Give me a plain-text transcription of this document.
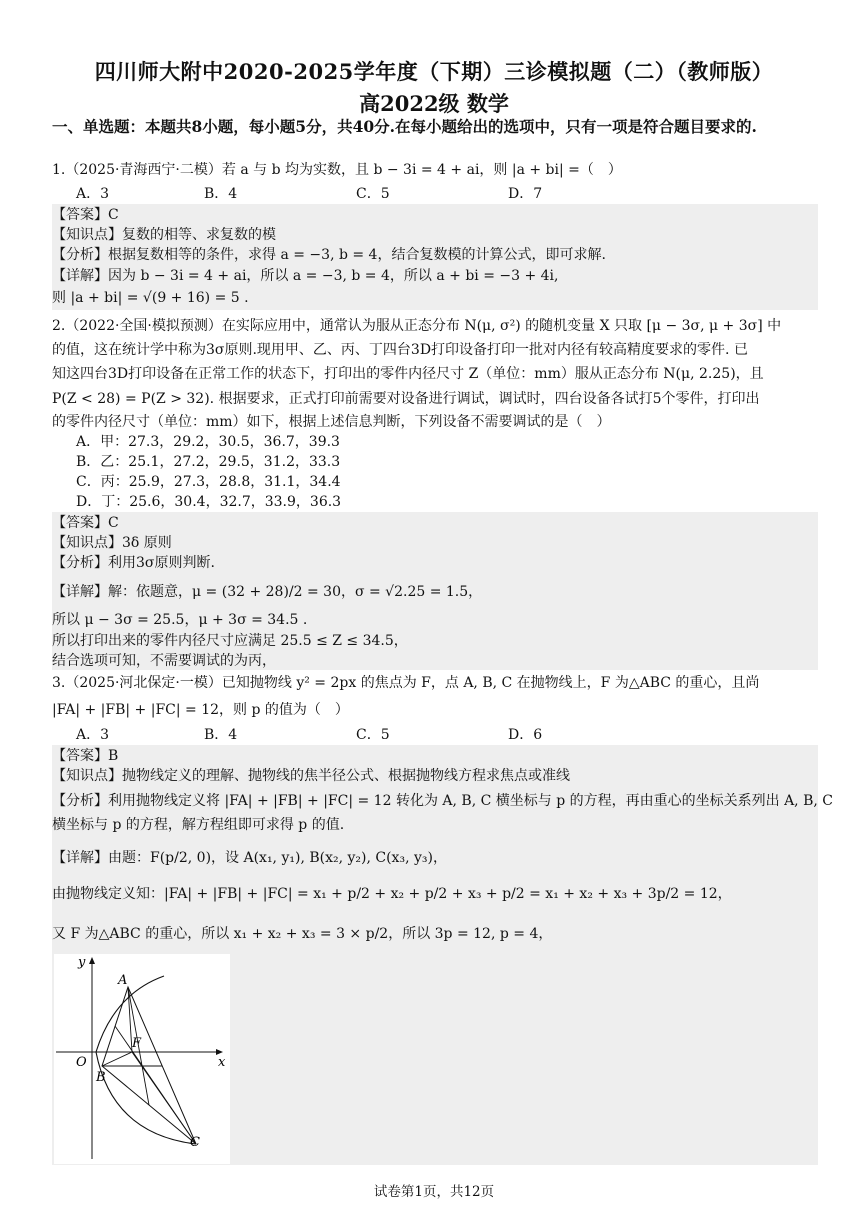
四川师大附中2020-2025学年度（下期）三诊模拟题（二）（教师版）
高2022级 数学
一、单选题：本题共8小题，每小题5分，共40分.在每小题给出的选项中，只有一项是符合题目要求的.
1.（2025·青海西宁·二模）若 a 与 b 均为实数，且 b − 3i = 4 + ai，则 |a + bi| =（　）
A．3	B．4	C．5	D．7
【答案】C
【知识点】复数的相等、求复数的模
【分析】根据复数相等的条件，求得 a = −3, b = 4，结合复数模的计算公式，即可求解.
【详解】因为 b − 3i = 4 + ai，所以 a = −3, b = 4，所以 a + bi = −3 + 4i,
则 |a + bi| = √(9 + 16) = 5 .
2.（2022·全国·模拟预测）在实际应用中，通常认为服从正态分布 N(μ, σ²) 的随机变量 X 只取 [μ − 3σ, μ + 3σ] 中
的值，这在统计学中称为3σ原则.现用甲、乙、丙、丁四台3D打印设备打印一批对内径有较高精度要求的零件. 已
知这四台3D打印设备在正常工作的状态下，打印出的零件内径尺寸 Z（单位：mm）服从正态分布 N(μ, 2.25)，且
P(Z < 28) = P(Z > 32). 根据要求，正式打印前需要对设备进行调试，调试时，四台设备各试打5个零件，打印出
的零件内径尺寸（单位：mm）如下，根据上述信息判断，下列设备不需要调试的是（　）
A．甲：27.3，29.2，30.5，36.7，39.3
B．乙：25.1，27.2，29.5，31.2，33.3
C．丙：25.9，27.3，28.8，31.1，34.4
D．丁：25.6，30.4，32.7，33.9，36.3
【答案】C
【知识点】3δ 原则
【分析】利用3σ原则判断.
【详解】解：依题意，μ = (32 + 28)/2 = 30，σ = √2.25 = 1.5，
所以 μ − 3σ = 25.5，μ + 3σ = 34.5 .
所以打印出来的零件内径尺寸应满足 25.5 ≤ Z ≤ 34.5，
结合选项可知，不需要调试的为丙，
3.（2025·河北保定·一模）已知抛物线 y² = 2px 的焦点为 F，点 A, B, C 在抛物线上，F 为△ABC 的重心，且尚
|FA| + |FB| + |FC| = 12，则 p 的值为（　）
A．3	B．4	C．5	D．6
【答案】B
【知识点】抛物线定义的理解、抛物线的焦半径公式、根据抛物线方程求焦点或准线
【分析】利用抛物线定义将 |FA| + |FB| + |FC| = 12 转化为 A, B, C 横坐标与 p 的方程，再由重心的坐标关系列出 A, B, C
横坐标与 p 的方程，解方程组即可求得 p 的值.
【详解】由题：F(p/2, 0)，设 A(x₁, y₁), B(x₂, y₂), C(x₃, y₃)，
由抛物线定义知：|FA| + |FB| + |FC| = x₁ + p/2 + x₂ + p/2 + x₃ + p/2 = x₁ + x₂ + x₃ + 3p/2 = 12，
又 F 为△ABC 的重心，所以 x₁ + x₂ + x₃ = 3 × p/2，所以 3p = 12, p = 4，
y
x
O
A
F
B
C
试卷第1页，共12页
